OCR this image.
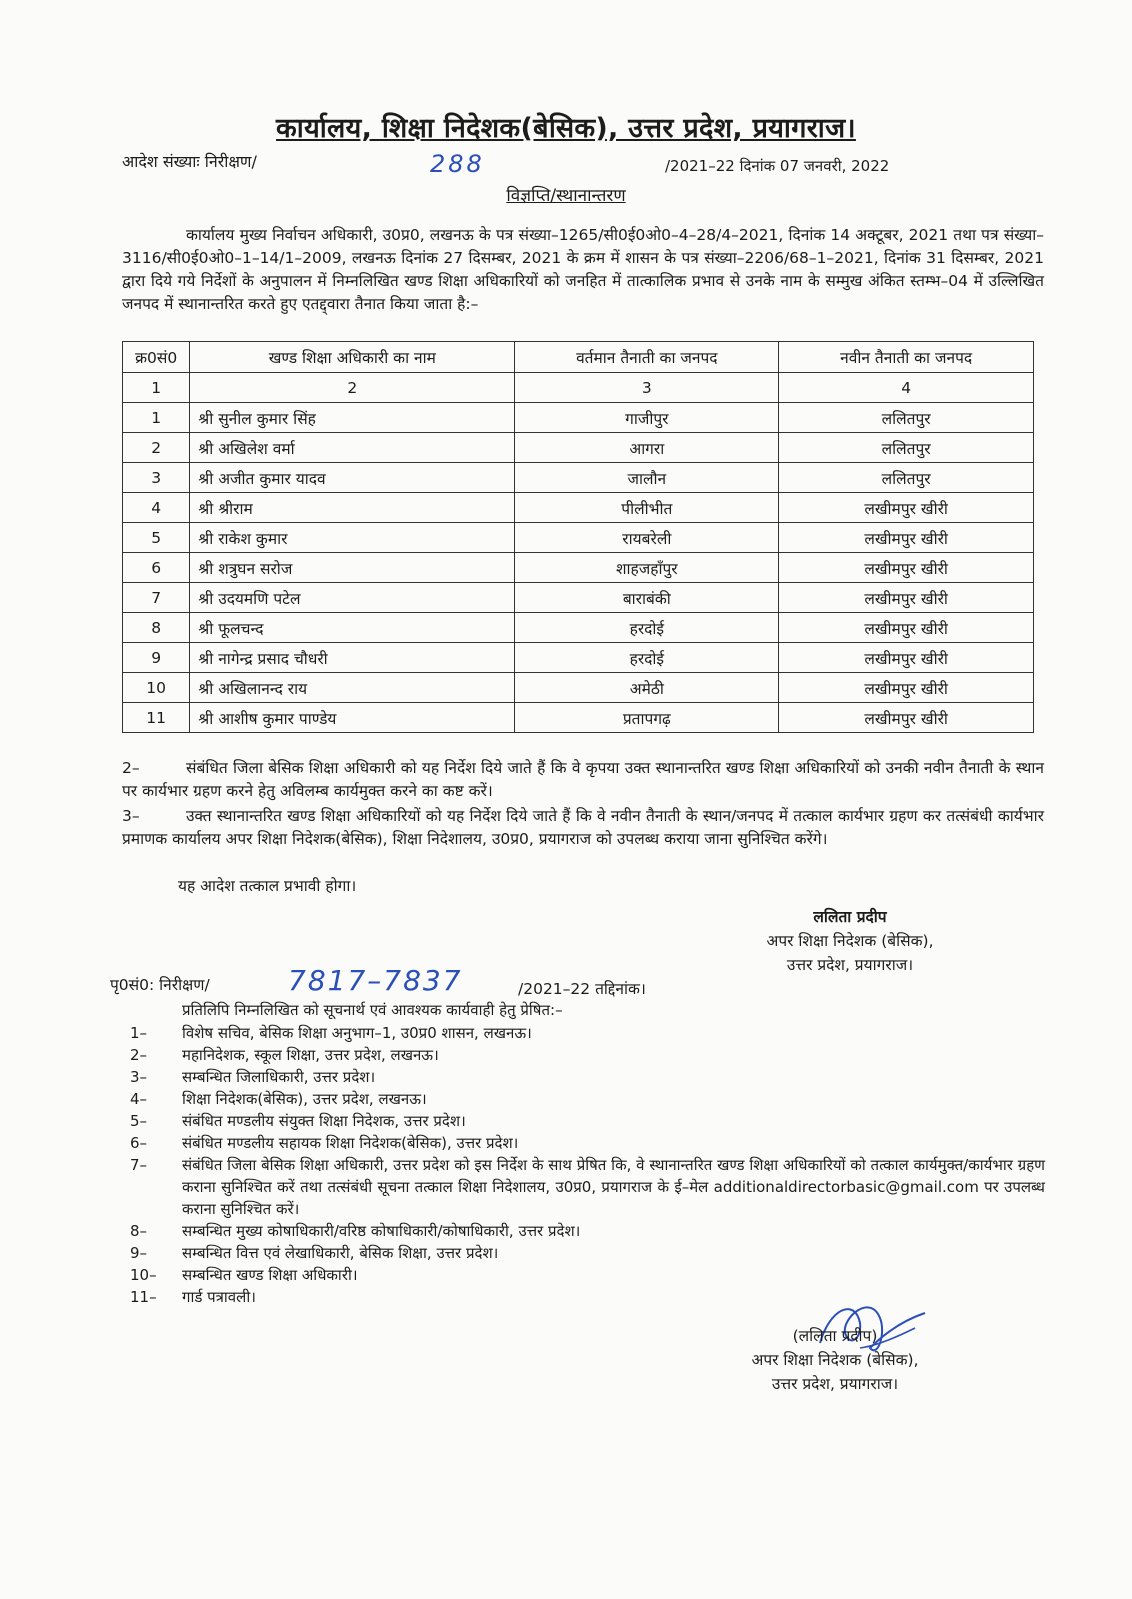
कार्यालय, शिक्षा निदेशक(बेसिक), उत्तर प्रदेश, प्रयागराज।
आदेश संख्याः निरीक्षण/	288	/2021–22 दिनांक 07 जनवरी, 2022
विज्ञप्ति/स्थानान्तरण
कार्यालय मुख्य निर्वाचन अधिकारी, उ0प्र0, लखनऊ के पत्र संख्या–1265/सी0ई0ओ0–4–28/4–2021, दिनांक 14 अक्टूबर, 2021 तथा पत्र संख्या–3116/सी0ई0ओ0–1–14/1–2009, लखनऊ दिनांक 27 दिसम्बर, 2021 के क्रम में शासन के पत्र संख्या–2206/68–1–2021, दिनांक 31 दिसम्बर, 2021 द्वारा दिये गये निर्देशों के अनुपालन में निम्नलिखित खण्ड शिक्षा अधिकारियों को जनहित में तात्कालिक प्रभाव से उनके नाम के सम्मुख अंकित स्तम्भ–04 में उल्लिखित जनपद में स्थानान्तरित करते हुए एतद्द्वारा तैनात किया जाता है:–
क्र0सं0	खण्ड शिक्षा अधिकारी का नाम	वर्तमान तैनाती का जनपद	नवीन तैनाती का जनपद
1	2	3	4
1	श्री सुनील कुमार सिंह	गाजीपुर	ललितपुर
2	श्री अखिलेश वर्मा	आगरा	ललितपुर
3	श्री अजीत कुमार यादव	जालौन	ललितपुर
4	श्री श्रीराम	पीलीभीत	लखीमपुर खीरी
5	श्री राकेश कुमार	रायबरेली	लखीमपुर खीरी
6	श्री शत्रुघन सरोज	शाहजहाँपुर	लखीमपुर खीरी
7	श्री उदयमणि पटेल	बाराबंकी	लखीमपुर खीरी
8	श्री फूलचन्द	हरदोई	लखीमपुर खीरी
9	श्री नागेन्द्र प्रसाद चौधरी	हरदोई	लखीमपुर खीरी
10	श्री अखिलानन्द राय	अमेठी	लखीमपुर खीरी
11	श्री आशीष कुमार पाण्डेय	प्रतापगढ़	लखीमपुर खीरी
2–	संबंधित जिला बेसिक शिक्षा अधिकारी को यह निर्देश दिये जाते हैं कि वे कृपया उक्त स्थानान्तरित खण्ड शिक्षा अधिकारियों को उनकी नवीन तैनाती के स्थान पर कार्यभार ग्रहण करने हेतु अविलम्ब कार्यमुक्त करने का कष्ट करें।
3–	उक्त स्थानान्तरित खण्ड शिक्षा अधिकारियों को यह निर्देश दिये जाते हैं कि वे नवीन तैनाती के स्थान/जनपद में तत्काल कार्यभार ग्रहण कर तत्संबंधी कार्यभार प्रमाणक कार्यालय अपर शिक्षा निदेशक(बेसिक), शिक्षा निदेशालय, उ0प्र0, प्रयागराज को उपलब्ध कराया जाना सुनिश्चित करेंगे।
यह आदेश तत्काल प्रभावी होगा।
ललिता प्रदीप
अपर शिक्षा निदेशक (बेसिक),
उत्तर प्रदेश, प्रयागराज।
पृ0सं0: निरीक्षण/	7817–7837	/2021–22 तद्दिनांक।
प्रतिलिपि निम्नलिखित को सूचनार्थ एवं आवश्यक कार्यवाही हेतु प्रेषित:–
1–	विशेष सचिव, बेसिक शिक्षा अनुभाग–1, उ0प्र0 शासन, लखनऊ।
2–	महानिदेशक, स्कूल शिक्षा, उत्तर प्रदेश, लखनऊ।
3–	सम्बन्धित जिलाधिकारी, उत्तर प्रदेश।
4–	शिक्षा निदेशक(बेसिक), उत्तर प्रदेश, लखनऊ।
5–	संबंधित मण्डलीय संयुक्त शिक्षा निदेशक, उत्तर प्रदेश।
6–	संबंधित मण्डलीय सहायक शिक्षा निदेशक(बेसिक), उत्तर प्रदेश।
7–	संबंधित जिला बेसिक शिक्षा अधिकारी, उत्तर प्रदेश को इस निर्देश के साथ प्रेषित कि, वे स्थानान्तरित खण्ड शिक्षा अधिकारियों को तत्काल कार्यमुक्त/कार्यभार ग्रहण कराना सुनिश्चित करें तथा तत्संबंधी सूचना तत्काल शिक्षा निदेशालय, उ0प्र0, प्रयागराज के ई–मेल additionaldirectorbasic@gmail.com पर उपलब्ध कराना सुनिश्चित करें।
8–	सम्बन्धित मुख्य कोषाधिकारी/वरिष्ठ कोषाधिकारी/कोषाधिकारी, उत्तर प्रदेश।
9–	सम्बन्धित वित्त एवं लेखाधिकारी, बेसिक शिक्षा, उत्तर प्रदेश।
10–	सम्बन्धित खण्ड शिक्षा अधिकारी।
11–	गार्ड पत्रावली।
(ललिता प्रदीप)
अपर शिक्षा निदेशक (बेसिक),
उत्तर प्रदेश, प्रयागराज।
